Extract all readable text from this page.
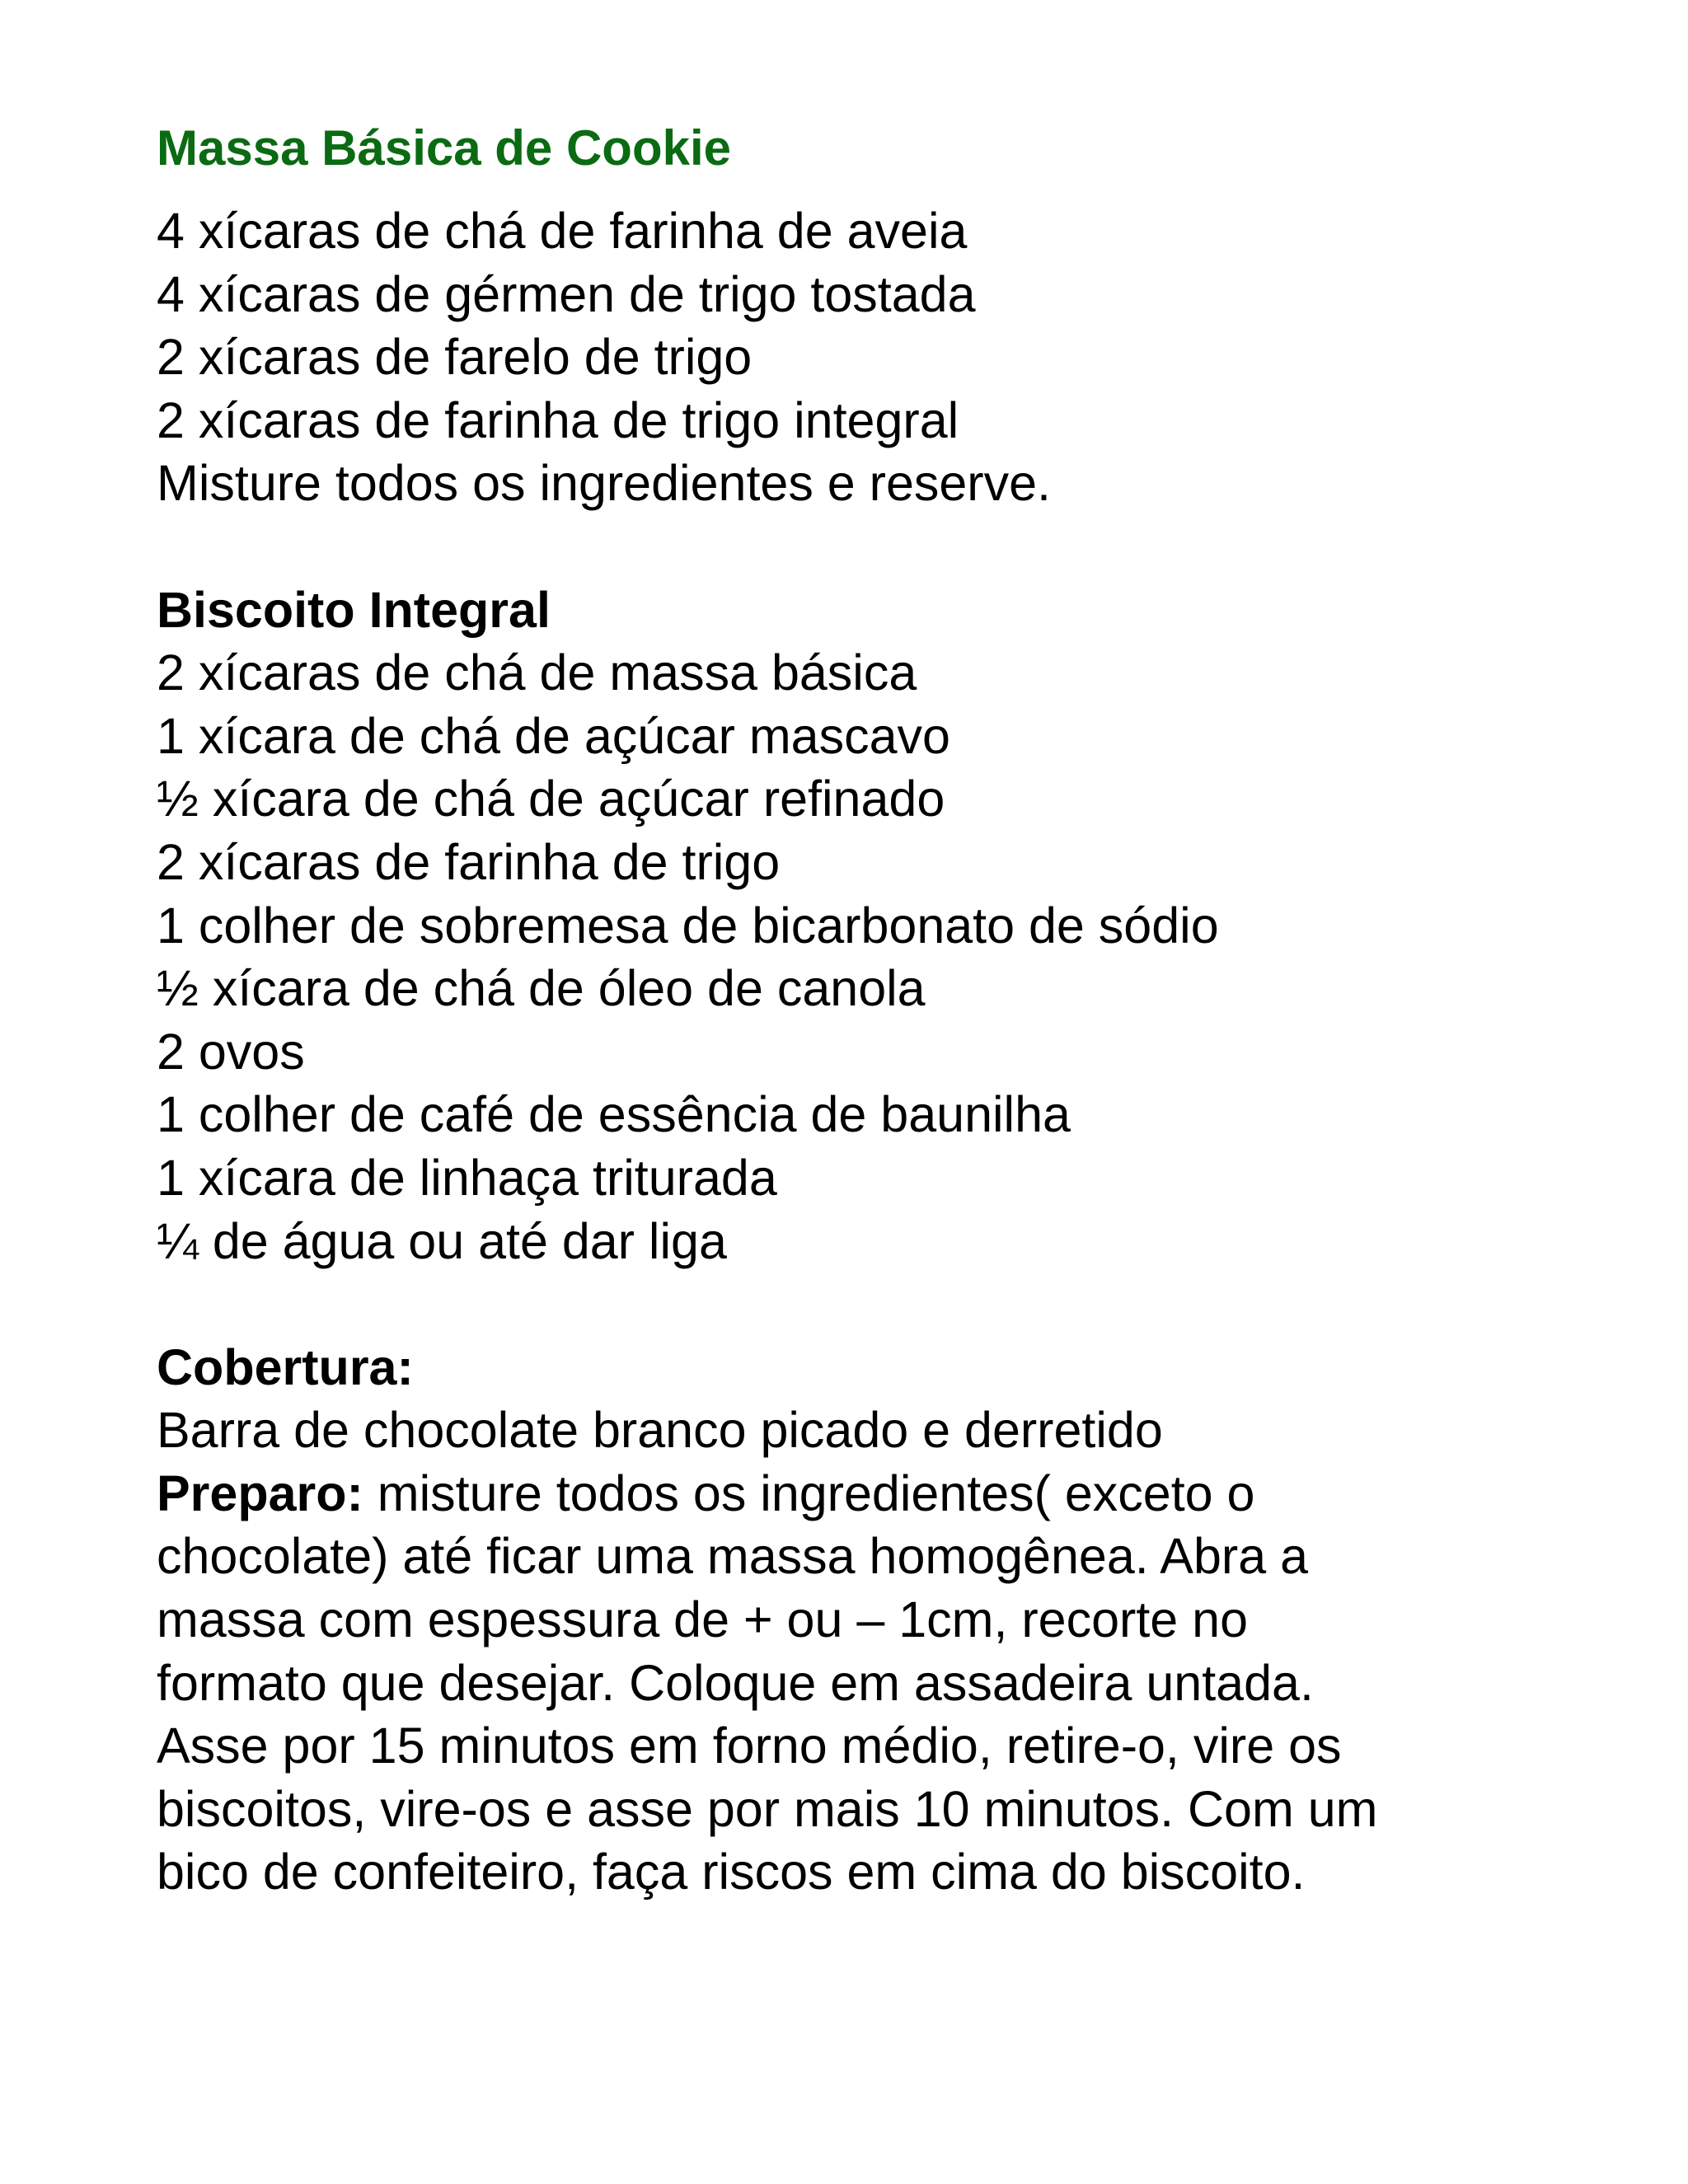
Massa Básica de Cookie

4 xícaras de chá de farinha de aveia

4 xícaras de gérmen de trigo tostada

2 xícaras de farelo de trigo

2 xícaras de farinha de trigo integral

Misture todos os ingredientes e reserve.

Biscoito Integral

2 xícaras de chá de massa básica

1 xícara de chá de açúcar mascavo

½ xícara de chá de açúcar refinado

2 xícaras de farinha de trigo

1 colher de sobremesa de bicarbonato de sódio

½ xícara de chá de óleo de canola

2 ovos

1 colher de café de essência de baunilha

1 xícara de linhaça triturada

¼ de água ou até dar liga

Cobertura:

Barra de chocolate branco picado e derretido

Preparo: misture todos os ingredientes( exceto o

chocolate) até ficar uma massa homogênea. Abra a

massa com espessura de + ou – 1cm, recorte no

formato que desejar. Coloque em assadeira untada.

Asse por 15 minutos em forno médio, retire-o, vire os

biscoitos, vire-os e asse por mais 10 minutos. Com um

bico de confeiteiro, faça riscos em cima do biscoito.
